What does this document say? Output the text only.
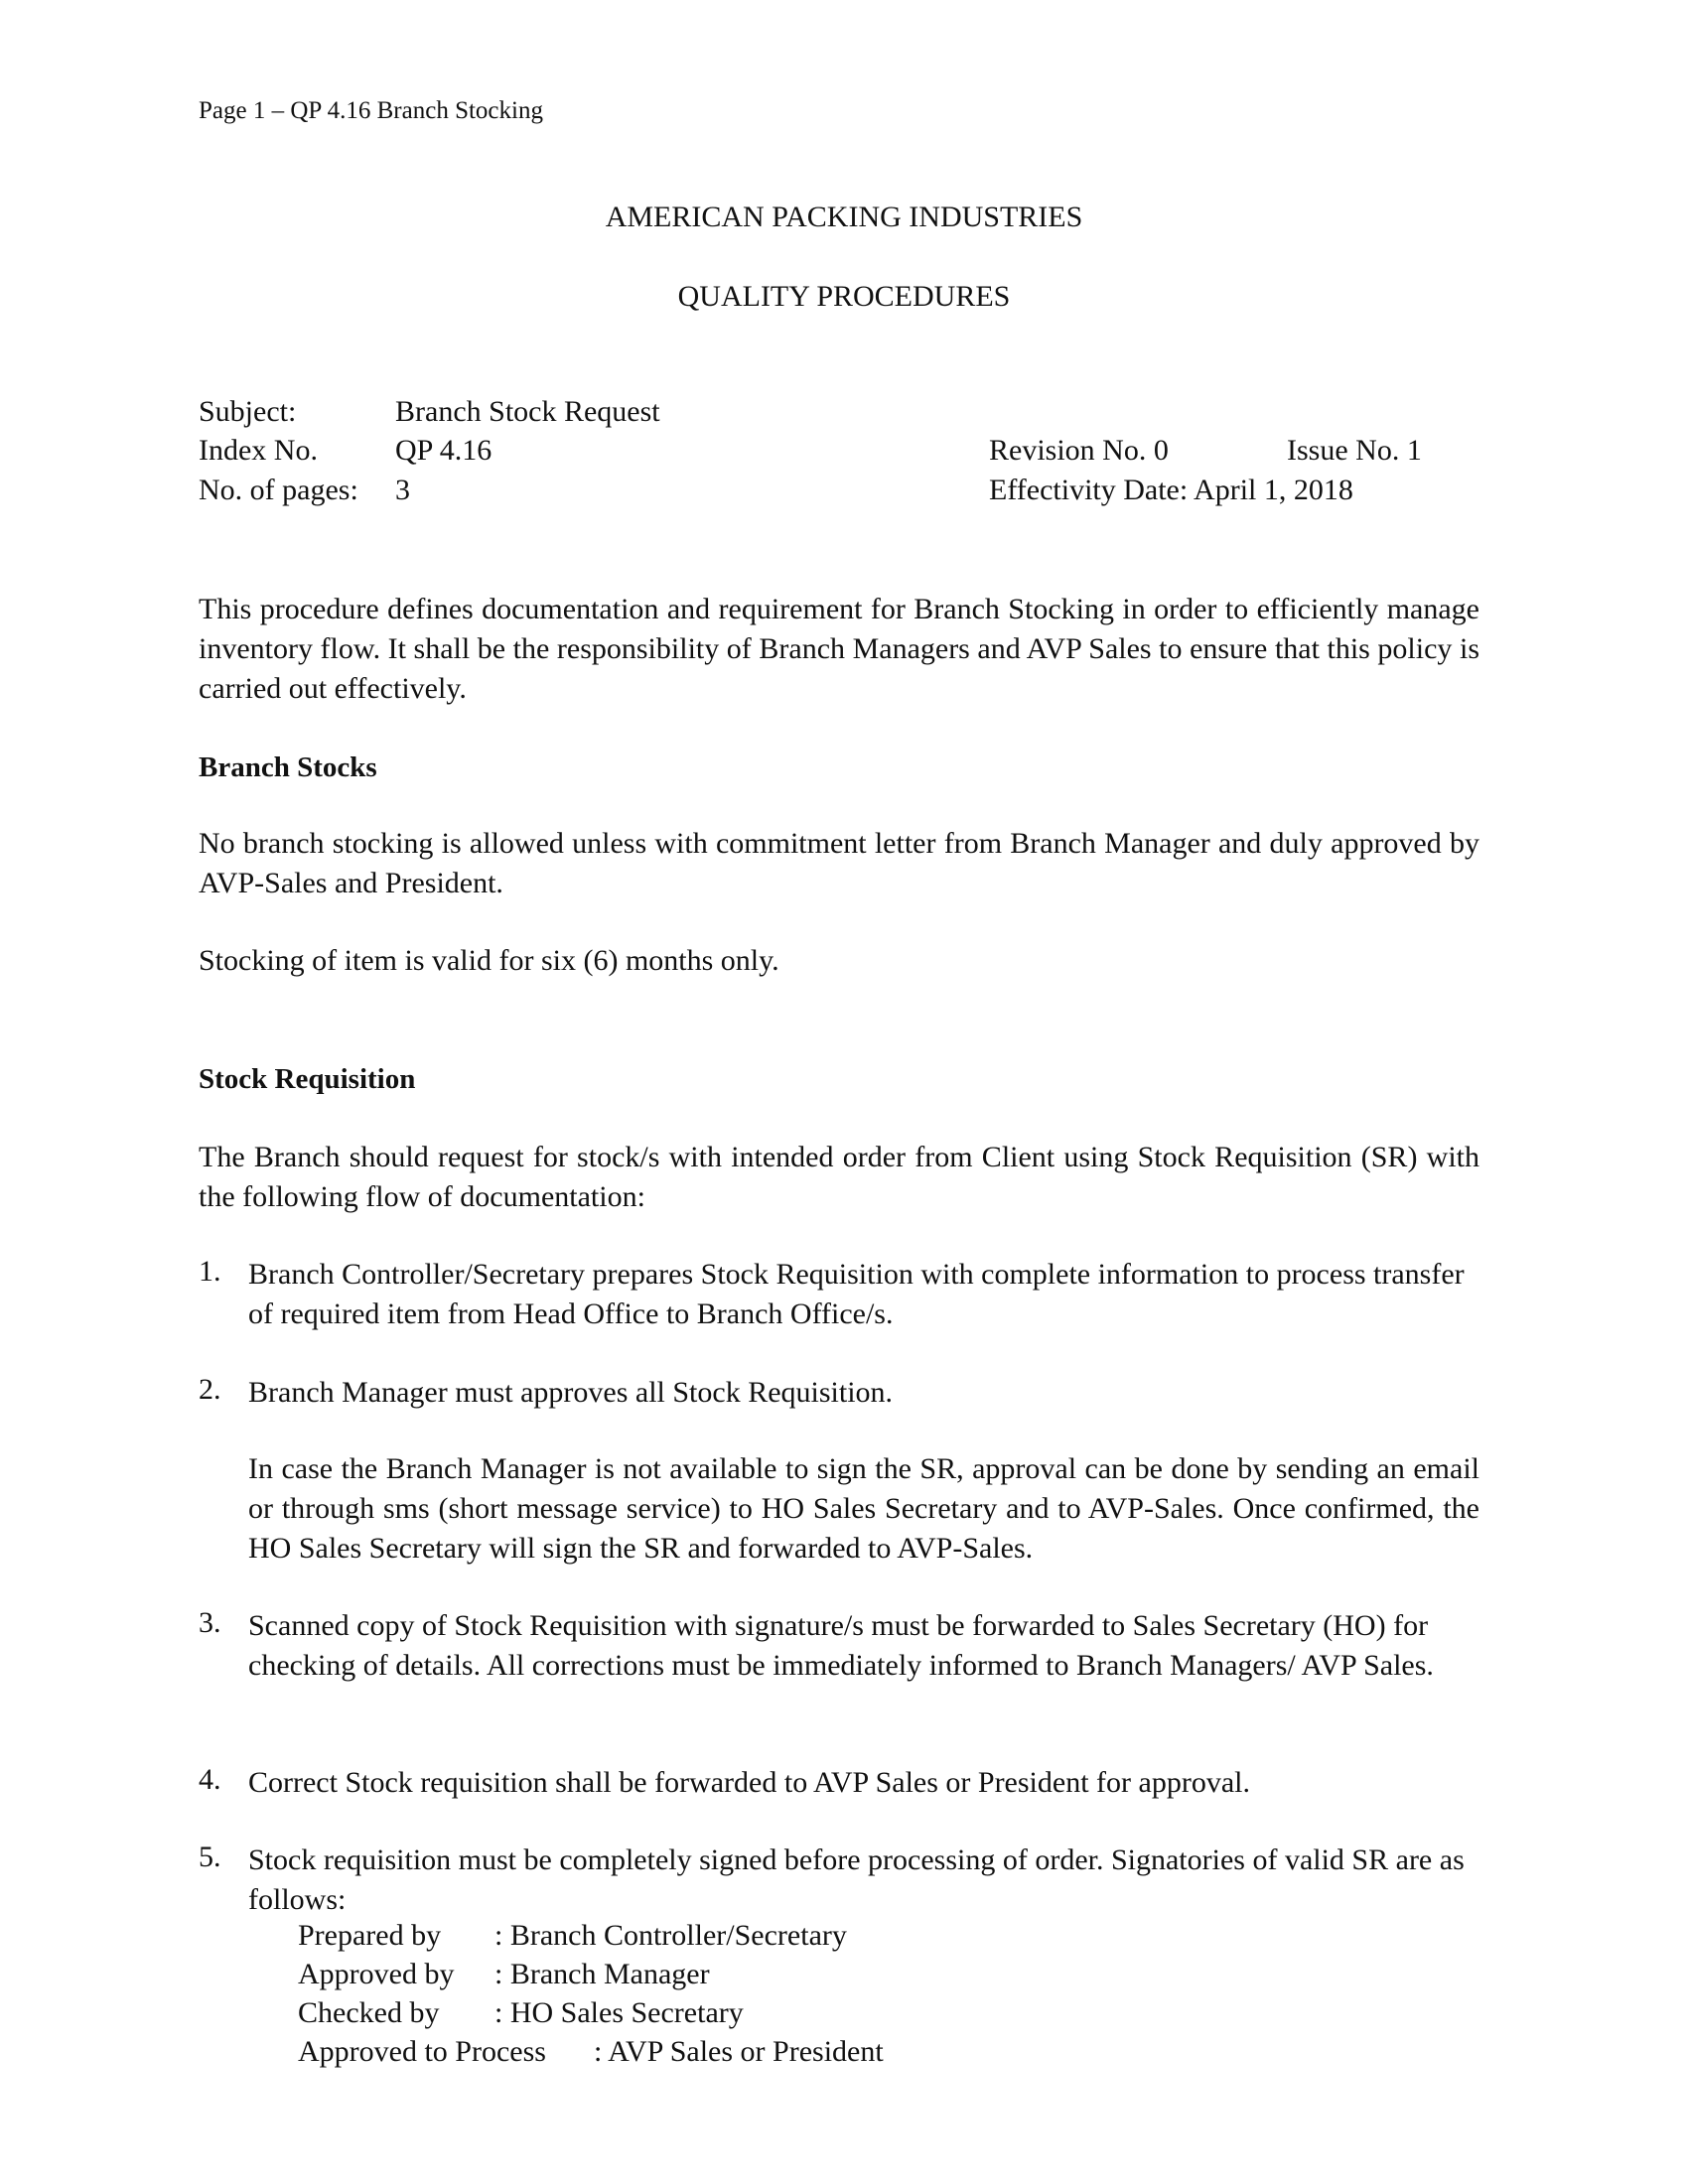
Page 1 – QP 4.16 Branch Stocking
AMERICAN PACKING INDUSTRIES
QUALITY PROCEDURES
Subject:	Branch Stock Request
Index No.	QP 4.16	Revision No. 0	Issue No. 1
No. of pages: 3	Effectivity Date: April 1, 2018
This procedure defines documentation and requirement for Branch Stocking in order to efficiently manage inventory flow. It shall be the responsibility of Branch Managers and AVP Sales to ensure that this policy is carried out effectively.
Branch Stocks
No branch stocking is allowed unless with commitment letter from Branch Manager and duly approved by AVP-Sales and President.
Stocking of item is valid for six (6) months only.
Stock Requisition
The Branch should request for stock/s with intended order from Client using Stock Requisition (SR) with the following flow of documentation:
1. Branch Controller/Secretary prepares Stock Requisition with complete information to process transfer of required item from Head Office to Branch Office/s.
2. Branch Manager must approves all Stock Requisition.
In case the Branch Manager is not available to sign the SR, approval can be done by sending an email or through sms (short message service) to HO Sales Secretary and to AVP-Sales. Once confirmed, the HO Sales Secretary will sign the SR and forwarded to AVP-Sales.
3. Scanned copy of Stock Requisition with signature/s must be forwarded to Sales Secretary (HO) for checking of details. All corrections must be immediately informed to Branch Managers/ AVP Sales.
4. Correct Stock requisition shall be forwarded to AVP Sales or President for approval.
5. Stock requisition must be completely signed before processing of order. Signatories of valid SR are as follows:
Prepared by : Branch Controller/Secretary
Approved by : Branch Manager
Checked by : HO Sales Secretary
Approved to Process : AVP Sales or President
